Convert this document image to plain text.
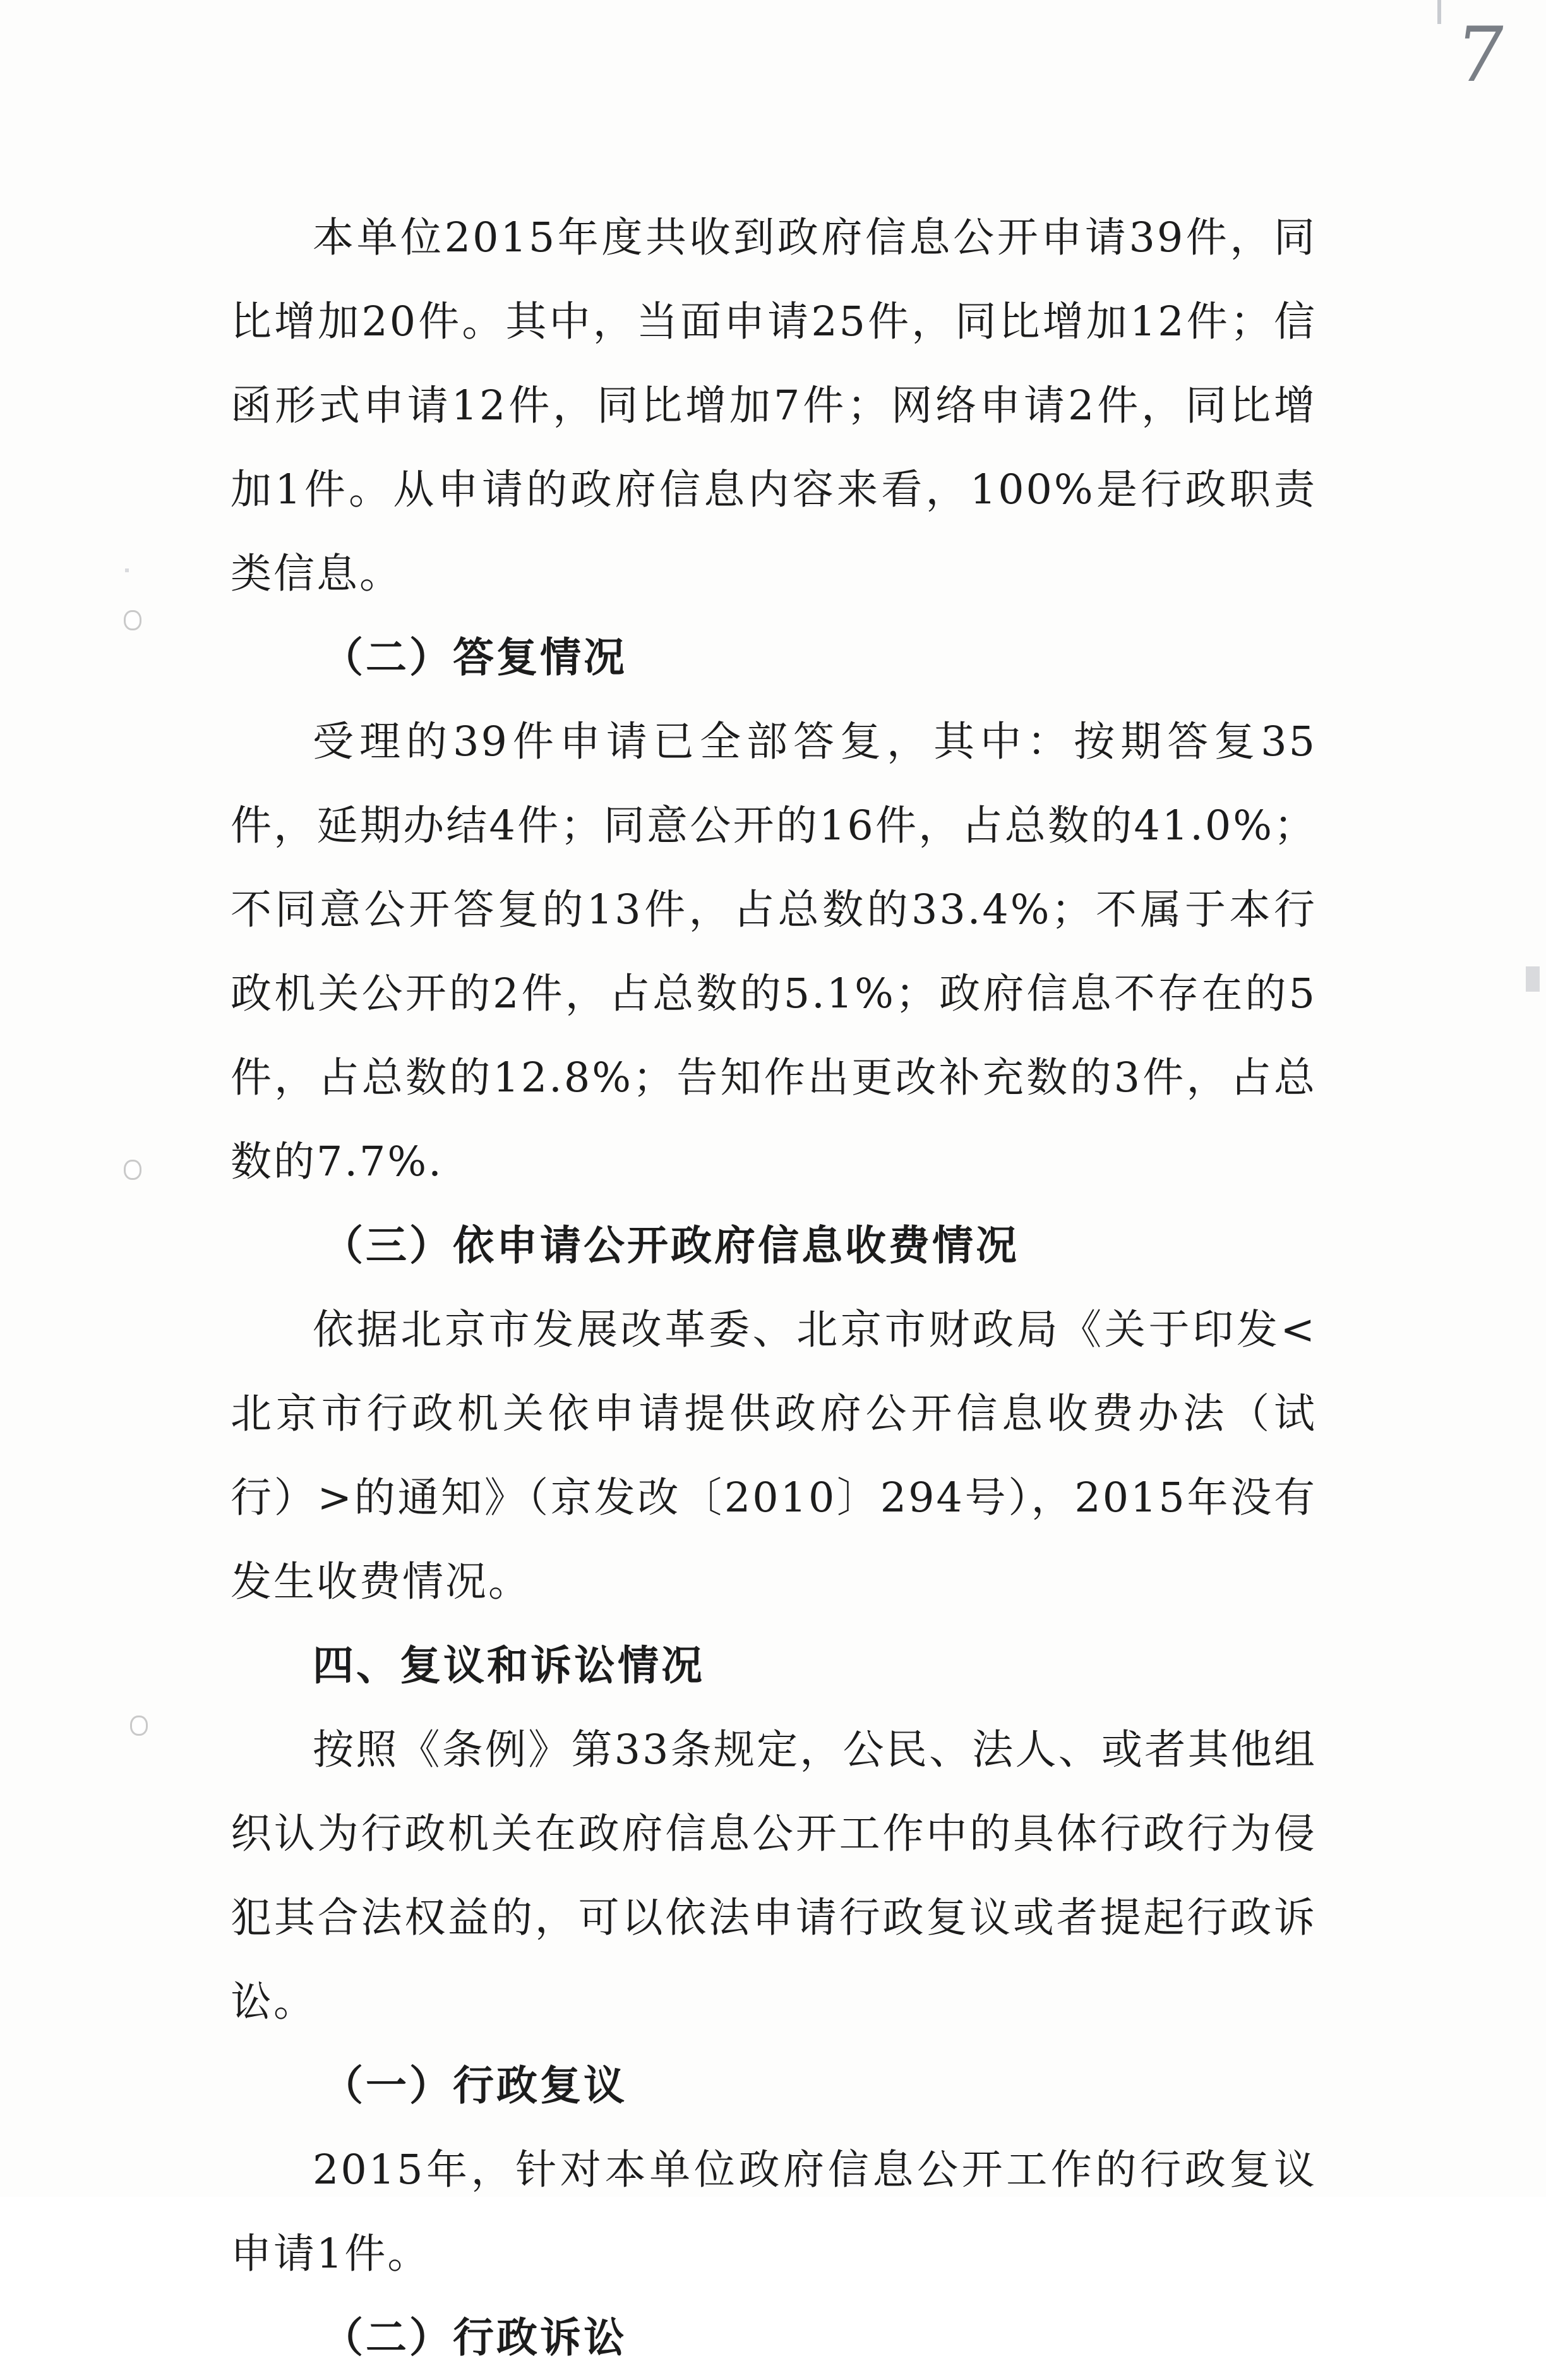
7

本单位2015年度共收到政府信息公开申请39件，同比增加20件。其中，当面申请25件，同比增加12件；信函形式申请12件，同比增加7件；网络申请2件，同比增加1件。从申请的政府信息内容来看，100%是行政职责类信息。

（二）答复情况

受理的39件申请已全部答复，其中：按期答复35件，延期办结4件；同意公开的16件，占总数的41.0%；不同意公开答复的13件，占总数的33.4%；不属于本行政机关公开的2件，占总数的5.1%；政府信息不存在的5件，占总数的12.8%；告知作出更改补充数的3件，占总数的7.7%.

（三）依申请公开政府信息收费情况

依据北京市发展改革委、北京市财政局《关于印发<北京市行政机关依申请提供政府公开信息收费办法（试行）>的通知》（京发改〔2010〕294号），2015年没有发生收费情况。

四、复议和诉讼情况

按照《条例》第33条规定，公民、法人、或者其他组织认为行政机关在政府信息公开工作中的具体行政行为侵犯其合法权益的，可以依法申请行政复议或者提起行政诉讼。

（一）行政复议

2015年，针对本单位政府信息公开工作的行政复议申请1件。

（二）行政诉讼
